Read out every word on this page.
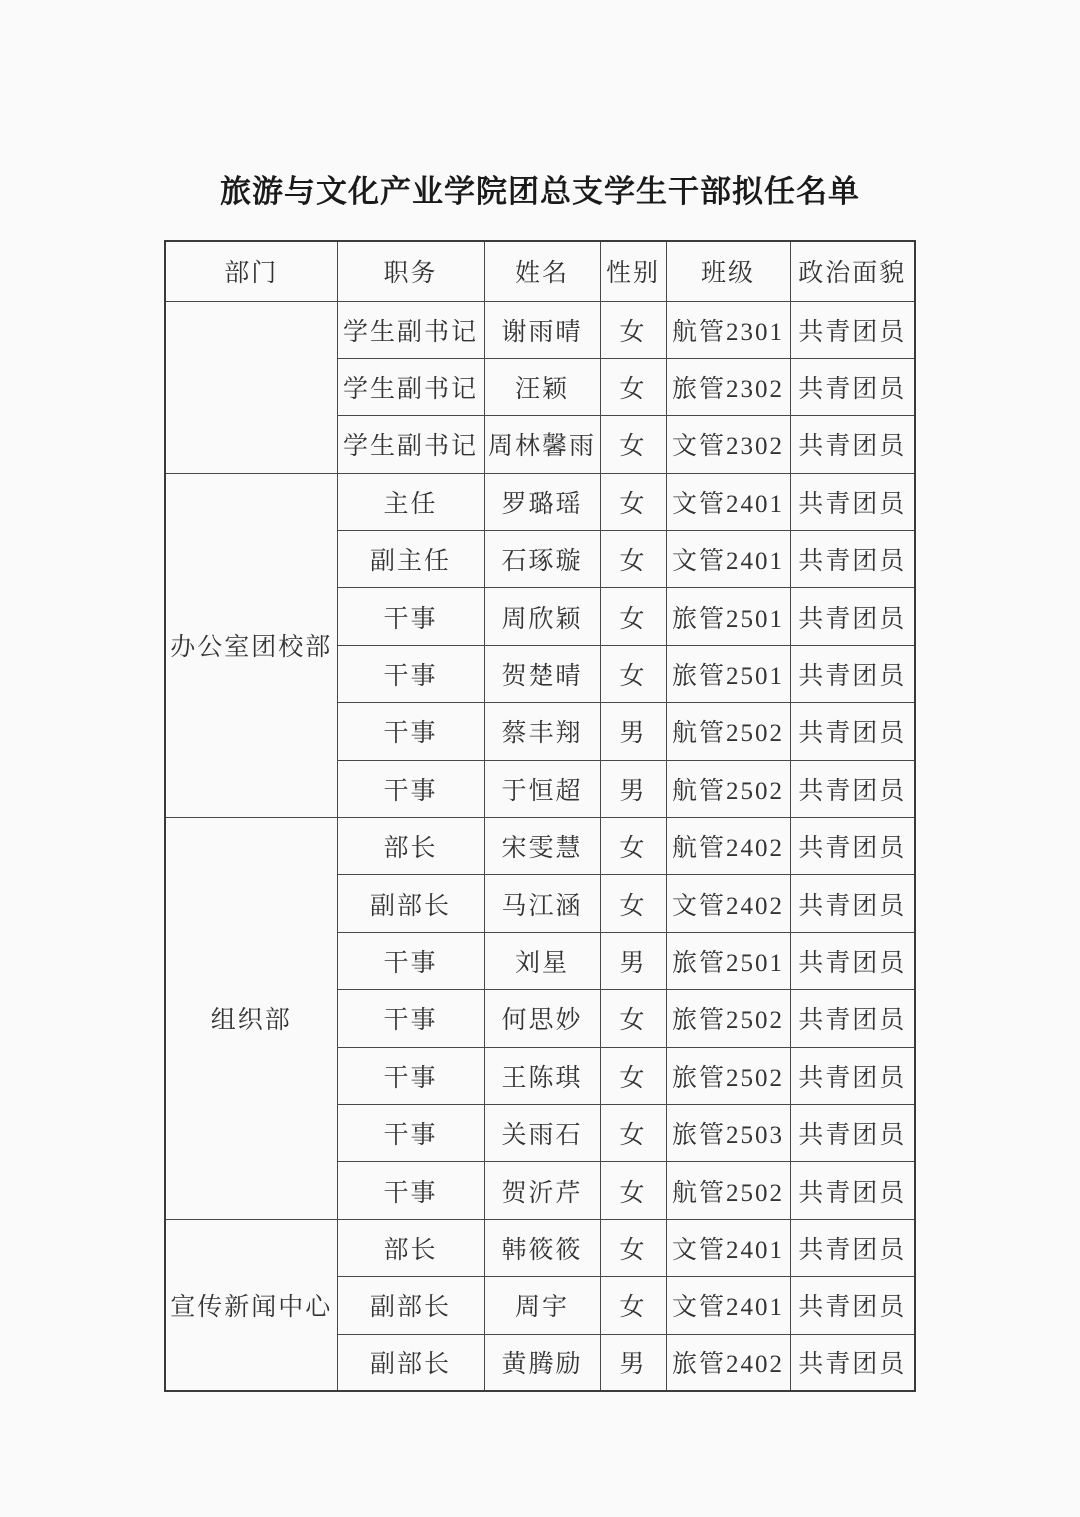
旅游与文化产业学院团总支学生干部拟任名单
部门	职务	姓名	性别	班级	政治面貌
	学生副书记	谢雨晴	女	航管2301	共青团员
	学生副书记	汪颖	女	旅管2302	共青团员
	学生副书记	周林馨雨	女	文管2302	共青团员
办公室团校部	主任	罗璐瑶	女	文管2401	共青团员
	副主任	石琢璇	女	文管2401	共青团员
	干事	周欣颖	女	旅管2501	共青团员
	干事	贺楚晴	女	旅管2501	共青团员
	干事	蔡丰翔	男	航管2502	共青团员
	干事	于恒超	男	航管2502	共青团员
组织部	部长	宋雯慧	女	航管2402	共青团员
	副部长	马江涵	女	文管2402	共青团员
	干事	刘星	男	旅管2501	共青团员
	干事	何思妙	女	旅管2502	共青团员
	干事	王陈琪	女	旅管2502	共青团员
	干事	关雨石	女	旅管2503	共青团员
	干事	贺沂芹	女	航管2502	共青团员
宣传新闻中心	部长	韩筱筱	女	文管2401	共青团员
	副部长	周宇	女	文管2401	共青团员
	副部长	黄腾励	男	旅管2402	共青团员
